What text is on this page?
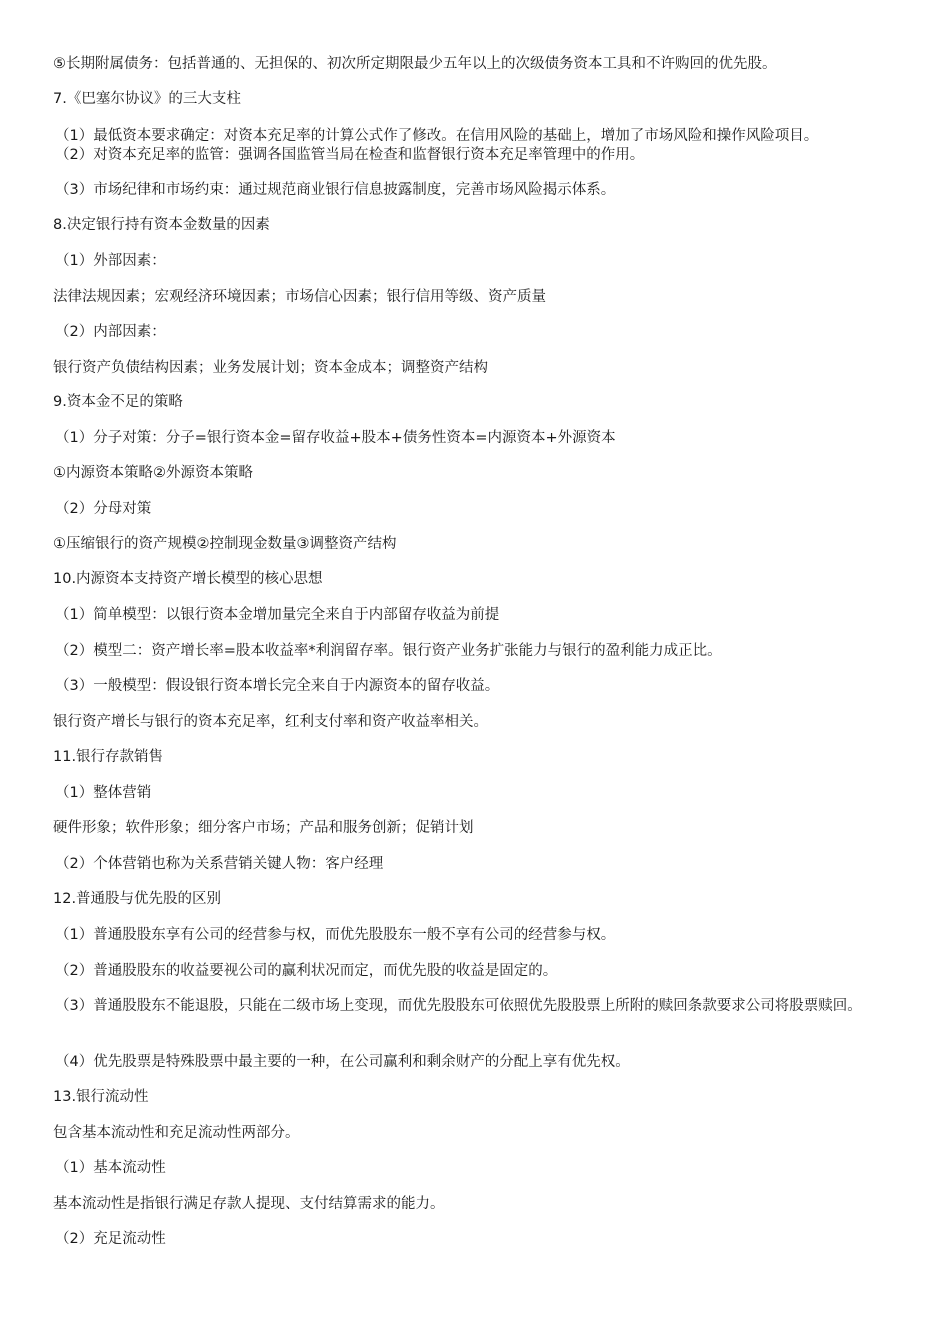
⑤长期附属债务：包括普通的、无担保的、初次所定期限最少五年以上的次级债务资本工具和不许购回的优先股。

7.《巴塞尔协议》的三大支柱

（1）最低资本要求确定：对资本充足率的计算公式作了修改。在信用风险的基础上，增加了市场风险和操作风险项目。

（2）对资本充足率的监管：强调各国监管当局在检查和监督银行资本充足率管理中的作用。

（3）市场纪律和市场约束：通过规范商业银行信息披露制度，完善市场风险揭示体系。

8.决定银行持有资本金数量的因素

（1）外部因素：

法律法规因素；宏观经济环境因素；市场信心因素；银行信用等级、资产质量

（2）内部因素：

银行资产负债结构因素；业务发展计划；资本金成本；调整资产结构

9.资本金不足的策略

（1）分子对策：分子=银行资本金=留存收益+股本+债务性资本=内源资本+外源资本

①内源资本策略②外源资本策略

（2）分母对策

①压缩银行的资产规模②控制现金数量③调整资产结构

10.内源资本支持资产增长模型的核心思想

（1）简单模型：以银行资本金增加量完全来自于内部留存收益为前提

（2）模型二：资产增长率=股本收益率*利润留存率。银行资产业务扩张能力与银行的盈利能力成正比。

（3）一般模型：假设银行资本增长完全来自于内源资本的留存收益。

银行资产增长与银行的资本充足率，红利支付率和资产收益率相关。

11.银行存款销售

（1）整体营销

硬件形象；软件形象；细分客户市场；产品和服务创新；促销计划

（2）个体营销也称为关系营销关键人物：客户经理

12.普通股与优先股的区别

（1）普通股股东享有公司的经营参与权，而优先股股东一般不享有公司的经营参与权。

（2）普通股股东的收益要视公司的赢利状况而定，而优先股的收益是固定的。

（3）普通股股东不能退股，只能在二级市场上变现，而优先股股东可依照优先股股票上所附的赎回条款要求公司将股票赎回。

（4）优先股票是特殊股票中最主要的一种，在公司赢利和剩余财产的分配上享有优先权。

13.银行流动性

包含基本流动性和充足流动性两部分。

（1）基本流动性

基本流动性是指银行满足存款人提现、支付结算需求的能力。

（2）充足流动性
